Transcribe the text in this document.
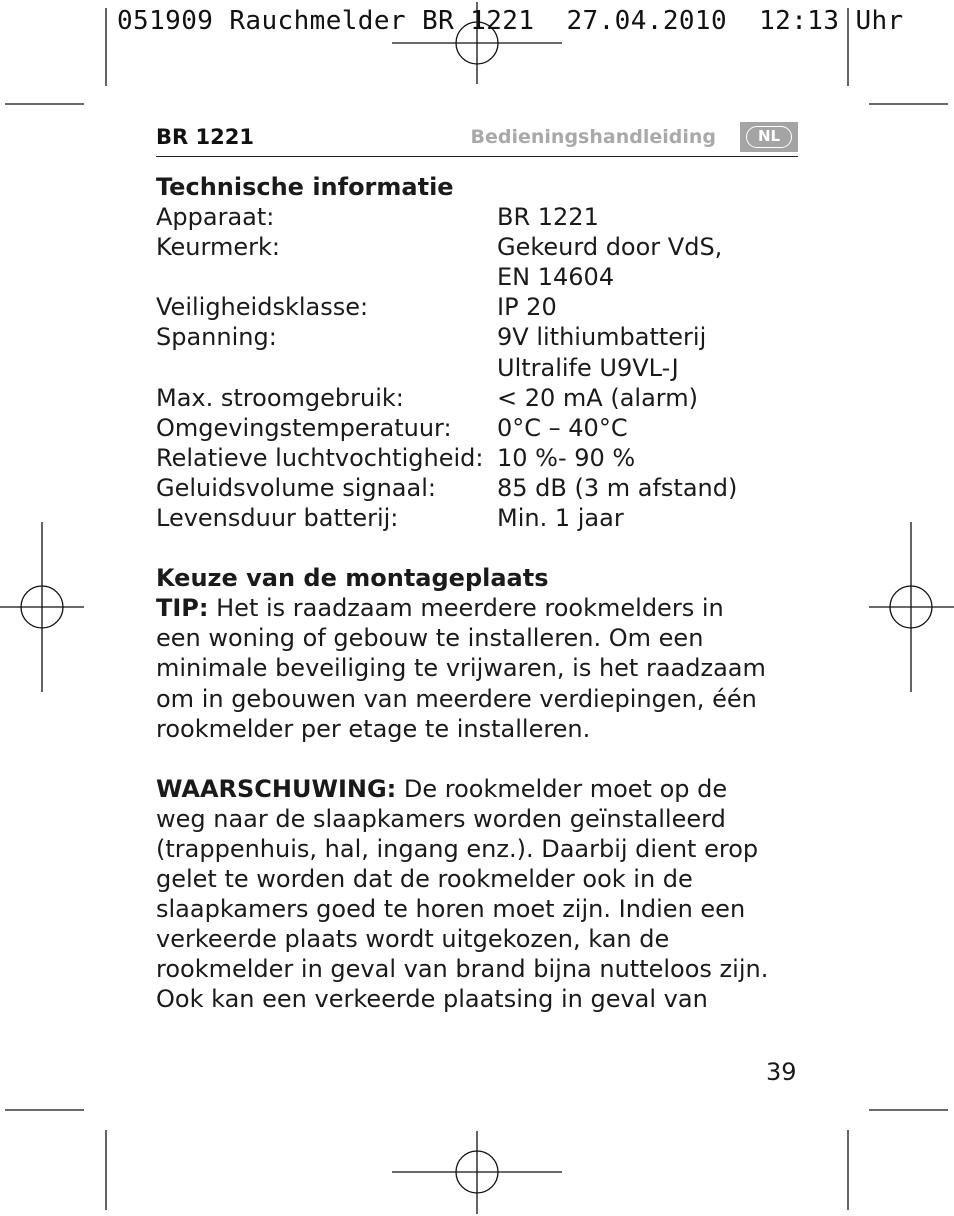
051909 Rauchmelder BR 1221  27.04.2010  12:13 Uhr
BR 1221	Bedieningshandleiding	NL
Technische informatie
Apparaat:	BR 1221
Keurmerk:	Gekeurd door VdS,
EN 14604
Veiligheidsklasse:	IP 20
Spanning:	9V lithiumbatterij
Ultralife U9VL-J
Max. stroomgebruik:	< 20 mA (alarm)
Omgevingstemperatuur:	0°C – 40°C
Relatieve luchtvochtigheid: 10 %- 90 %
Geluidsvolume signaal:	85 dB (3 m afstand)
Levensduur batterij:	Min. 1 jaar
Keuze van de montageplaats
TIP: Het is raadzaam meerdere rookmelders in
een woning of gebouw te installeren. Om een
minimale beveiliging te vrijwaren, is het raadzaam
om in gebouwen van meerdere verdiepingen, één
rookmelder per etage te installeren.
WAARSCHUWING: De rookmelder moet op de
weg naar de slaapkamers worden geïnstalleerd
(trappenhuis, hal, ingang enz.). Daarbij dient erop
gelet te worden dat de rookmelder ook in de
slaapkamers goed te horen moet zijn. Indien een
verkeerde plaats wordt uitgekozen, kan de
rookmelder in geval van brand bijna nutteloos zijn.
Ook kan een verkeerde plaatsing in geval van
39
